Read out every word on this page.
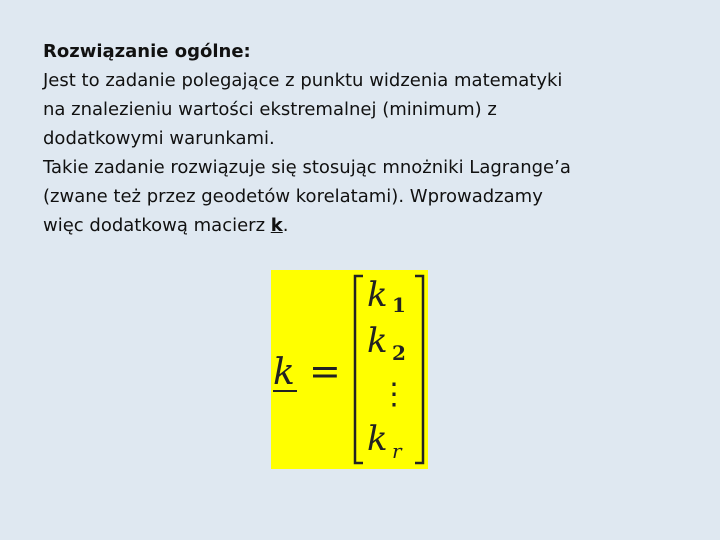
Rozwiązanie ogólne:

Jest to zadanie polegające z punktu widzenia matematyki

na znalezieniu wartości ekstremalnej (minimum) z

dodatkowymi warunkami.

Takie zadanie rozwiązuje się stosując mnożniki Lagrange’a

(zwane też przez geodetów korelatami). Wprowadzamy

więc dodatkową macierz k.

k =
k 1
k 2
⋮
k r
